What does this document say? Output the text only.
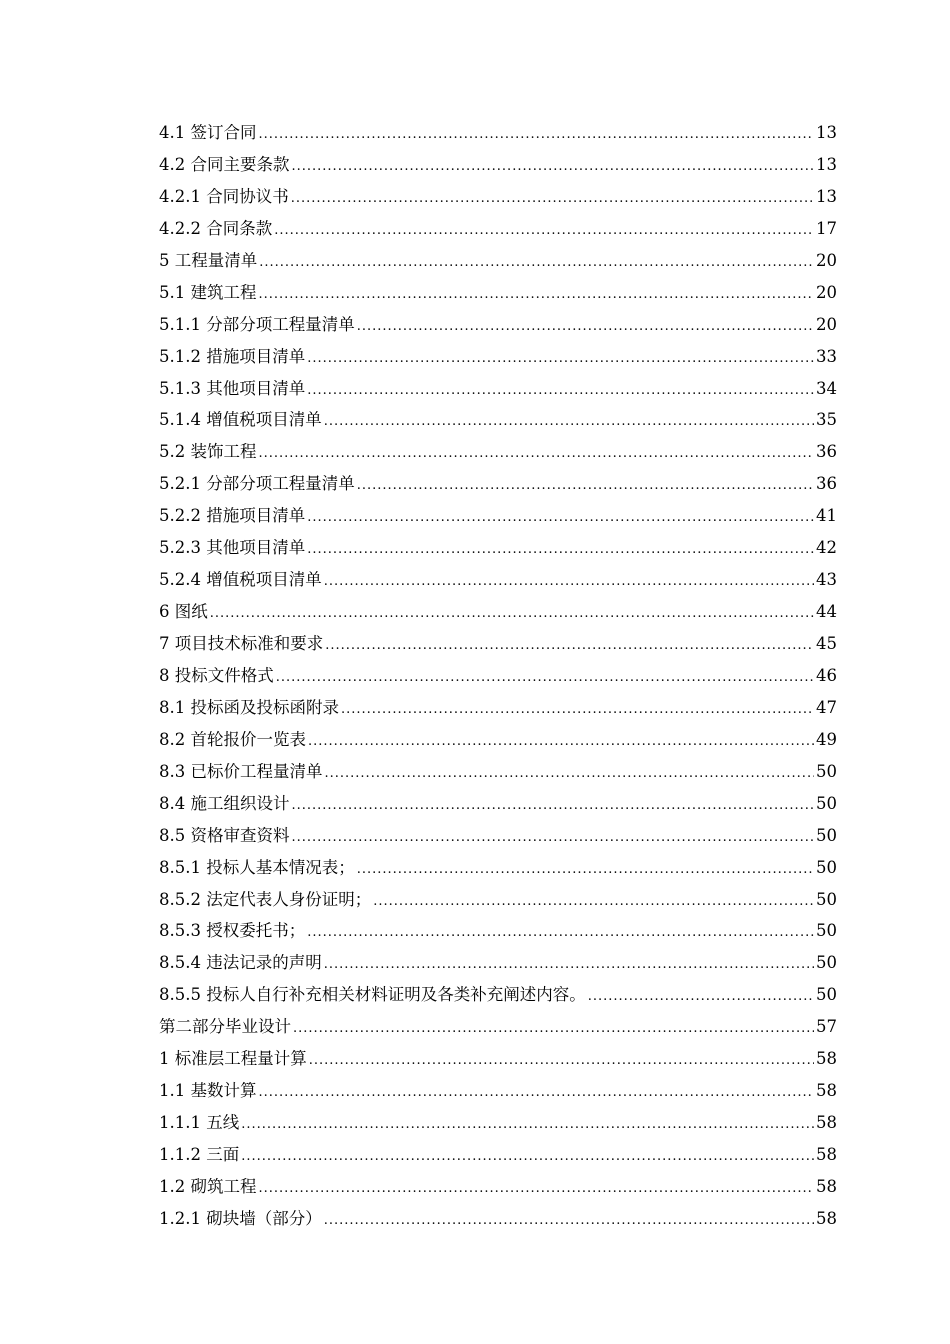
4.1 签订合同 .....	13
4.2 合同主要条款 .....	13
4.2.1 合同协议书 .....	13
4.2.2 合同条款 .....	17
5 工程量清单 .....	20
5.1 建筑工程 .....	20
5.1.1 分部分项工程量清单 .....	20
5.1.2 措施项目清单 .....	33
5.1.3 其他项目清单 .....	34
5.1.4 增值税项目清单 .....	35
5.2 装饰工程 .....	36
5.2.1 分部分项工程量清单 .....	36
5.2.2 措施项目清单 .....	41
5.2.3 其他项目清单 .....	42
5.2.4 增值税项目清单 .....	43
6 图纸 .....	44
7 项目技术标准和要求 .....	45
8 投标文件格式 .....	46
8.1 投标函及投标函附录 .....	47
8.2 首轮报价一览表 .....	49
8.3 已标价工程量清单 .....	50
8.4 施工组织设计 .....	50
8.5 资格审查资料 .....	50
8.5.1 投标人基本情况表； .....	50
8.5.2 法定代表人身份证明； .....	50
8.5.3 授权委托书； .....	50
8.5.4 违法记录的声明 .....	50
8.5.5 投标人自行补充相关材料证明及各类补充阐述内容。 .....	50
第二部分毕业设计 .....	57
1 标准层工程量计算 .....	58
1.1 基数计算 .....	58
1.1.1 五线 .....	58
1.1.2 三面 .....	58
1.2 砌筑工程 .....	58
1.2.1 砌块墙（部分） .....	58
